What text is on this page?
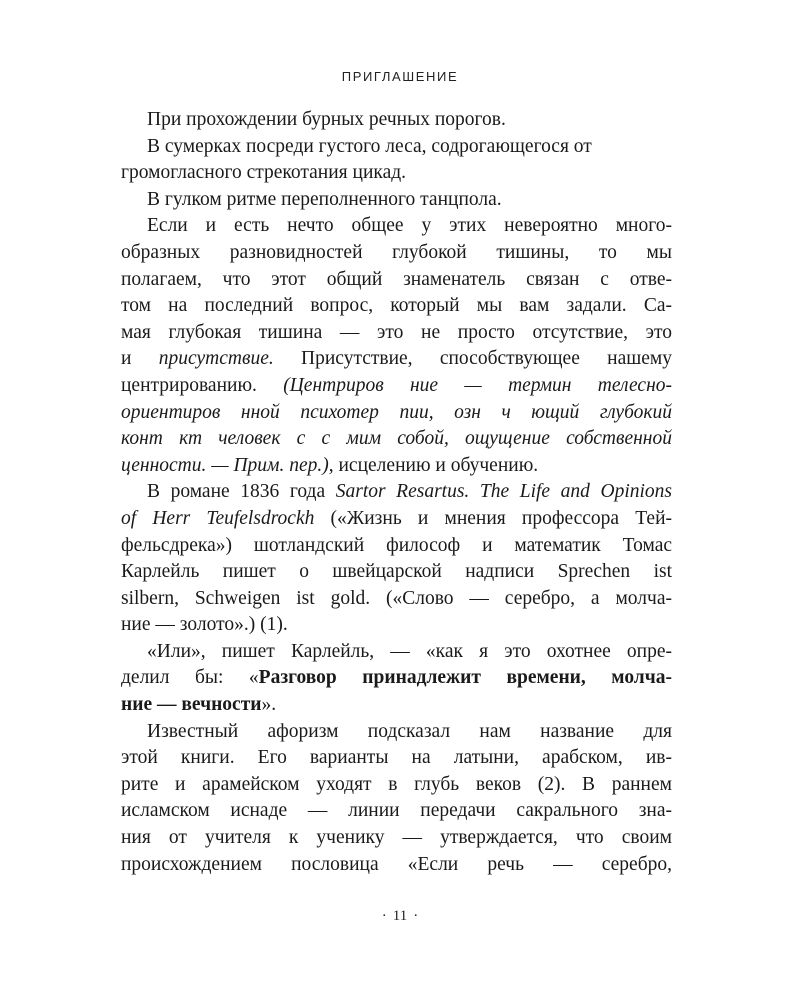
ПРИГЛАШЕНИЕ
При прохождении бурных речных порогов.
В сумерках посреди густого леса, содрогающегося от
громогласного стрекотания цикад.
В гулком ритме переполненного танцпола.
Если и есть нечто общее у этих невероятно много-
образных разновидностей глубокой тишины, то мы
полагаем, что этот общий знаменатель связан с отве-
том на последний вопрос, который мы вам задали. Са-
мая глубокая тишина — это не просто отсутствие, это
и присутствие. Присутствие, способствующее нашему
центрированию. (Центриров ние — термин телесно-
ориентиров нной психотер пии, озн ч ющий глубокий
конт кт человек с с мим собой, ощущение собственной
ценности. — Прим. пер.), исцелению и обучению.
В романе 1836 года Sartor Resartus. The Life and Opinions
of Herr Teufelsdrockh («Жизнь и мнения профессора Тей-
фельсдрека») шотландский философ и математик Томас
Карлейль пишет о швейцарской надписи Sprechen ist
silbern, Schweigen ist gold. («Слово — серебро, а молча-
ние — золото».) (1).
«Или», пишет Карлейль, — «как я это охотнее опре-
делил бы: «Разговор принадлежит времени, молча-
ние — вечности».
Известный афоризм подсказал нам название для
этой книги. Его варианты на латыни, арабском, ив-
рите и арамейском уходят в глубь веков (2). В раннем
исламском иснаде — линии передачи сакрального зна-
ния от учителя к ученику — утверждается, что своим
происхождением пословица «Если речь — серебро,
· 11 ·
